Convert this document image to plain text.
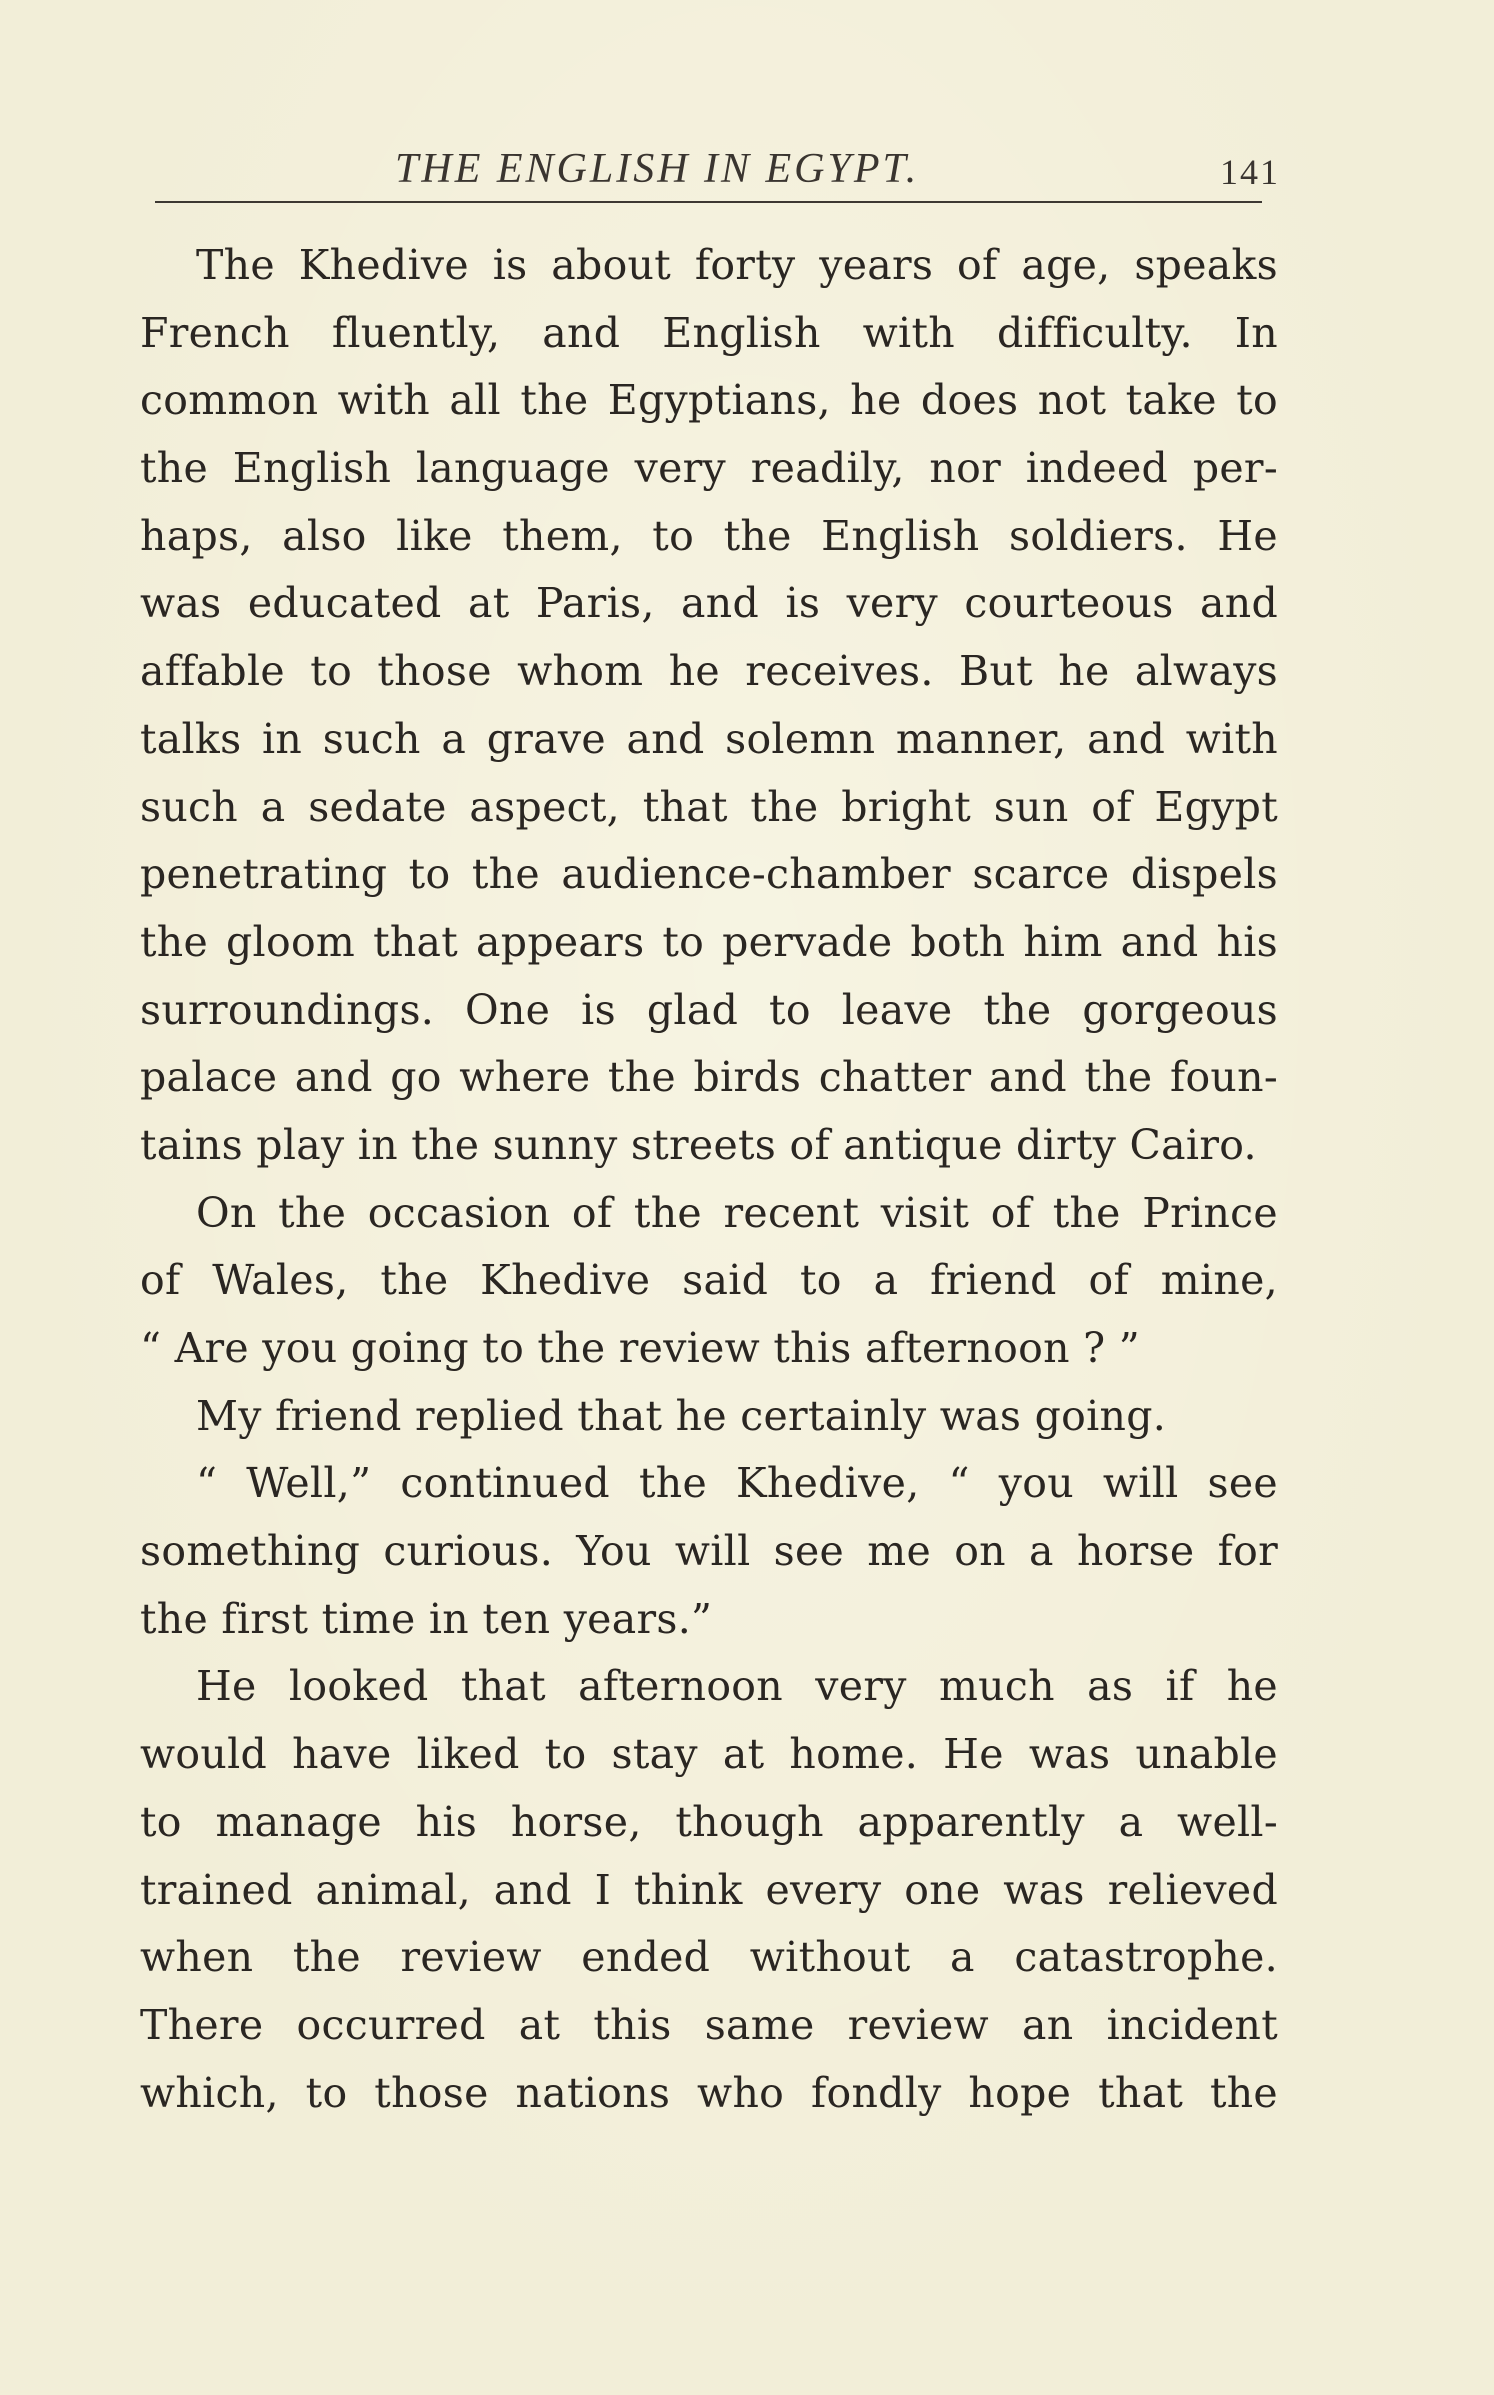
THE ENGLISH IN EGYPT.	141
The Khedive is about forty years of age, speaks
French fluently, and English with difficulty. In
common with all the Egyptians, he does not take to
the English language very readily, nor indeed per-
haps, also like them, to the English soldiers. He
was educated at Paris, and is very courteous and
affable to those whom he receives. But he always
talks in such a grave and solemn manner, and with
such a sedate aspect, that the bright sun of Egypt
penetrating to the audience-chamber scarce dispels
the gloom that appears to pervade both him and his
surroundings. One is glad to leave the gorgeous
palace and go where the birds chatter and the foun-
tains play in the sunny streets of antique dirty Cairo.
On the occasion of the recent visit of the Prince
of Wales, the Khedive said to a friend of mine,
“ Are you going to the review this afternoon ? ”
My friend replied that he certainly was going.
“ Well,” continued the Khedive, “ you will see
something curious. You will see me on a horse for
the first time in ten years.”
He looked that afternoon very much as if he
would have liked to stay at home. He was unable
to manage his horse, though apparently a well-
trained animal, and I think every one was relieved
when the review ended without a catastrophe.
There occurred at this same review an incident
which, to those nations who fondly hope that the
